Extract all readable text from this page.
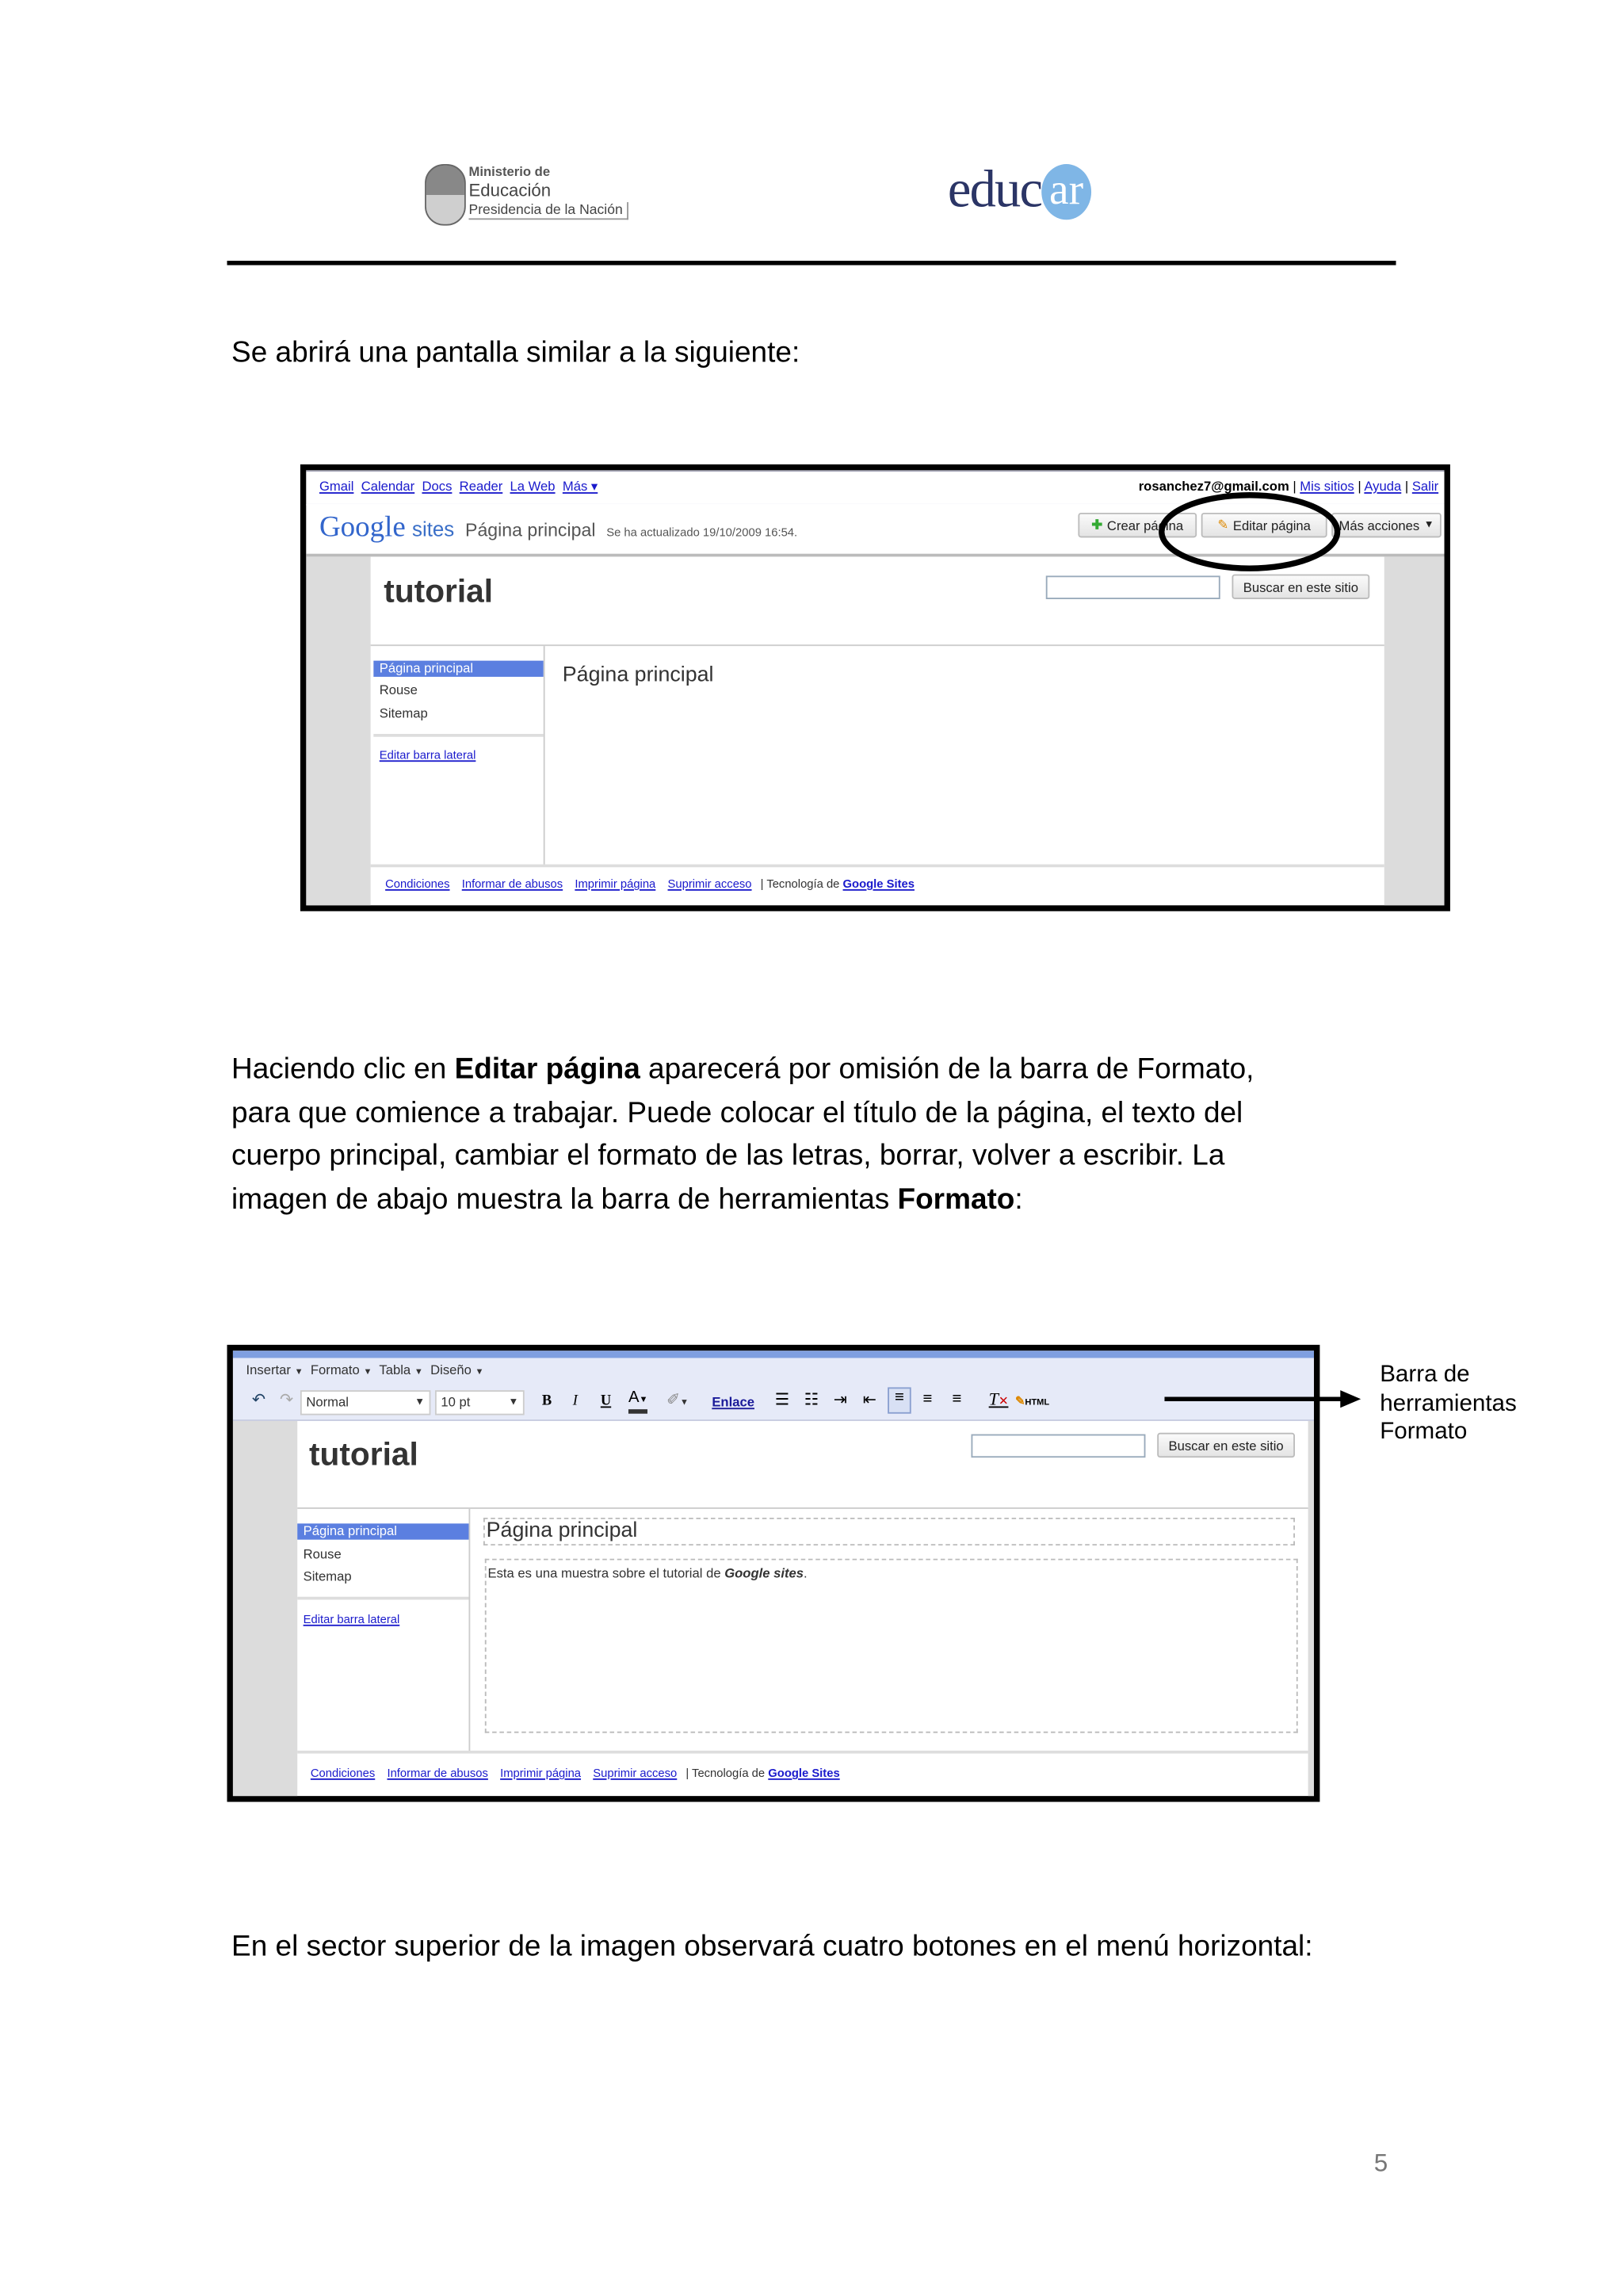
Ministerio de
Educación
Presidencia de la Nación	educ ar
Se abrirá una pantalla similar a la siguiente:
Gmail Calendar Docs Reader La Web Más ▾	rosanchez7@gmail.com | Mis sitios | Ayuda | Salir
Google sites Página principal Se ha actualizado 19/10/2009 16:54.
✚ Crear página	✎ Editar página	Más acciones ▼
tutorial	Buscar en este sitio
Página principal
Rouse
Sitemap
Editar barra lateral
Página principal
Condiciones Informar de abusos Imprimir página Suprimir acceso | Tecnología de Google Sites
Haciendo clic en Editar página aparecerá por omisión de la barra de Formato,
para que comience a trabajar. Puede colocar el título de la página, el texto del
cuerpo principal, cambiar el formato de las letras, borrar, volver a escribir. La
imagen de abajo muestra la barra de herramientas Formato:
Insertar ▼ Formato ▼ Tabla ▼ Diseño ▼
↶ ↷	Normal	▼	10 pt	▼	B	I	U A▼ ✐▼	Enlace ☰ ☷ ⇥ ⇤	≡	≡ ≡	T✕ ✎HTML
tutorial	Buscar en este sitio
Página principal
Rouse
Sitemap
Editar barra lateral
Página principal
Esta es una muestra sobre el tutorial de Google sites.
Condiciones Informar de abusos Imprimir página Suprimir acceso | Tecnología de Google Sites
Barra de
herramientas
Formato
En el sector superior de la imagen observará cuatro botones en el menú horizontal:
5
